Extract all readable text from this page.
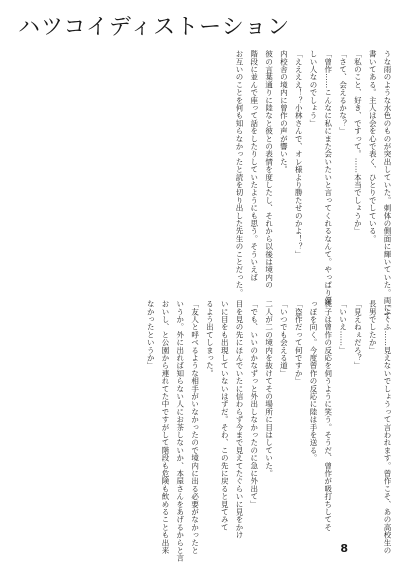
ハツコイディストーション
うな雨のような水色のものが突出していた。刺体の側面に輝いていた。両にて
書いてある。主人は会を心で表く、ひとりでしている。
「私のこと、好き、ですって。……本当でしょうか」
「さて、会えるかな？」
「曾作……こんなに私にまた会いたいと言ってくれるなんて。やっぱり優
しい人なのでしょう」
「ええええ！？小林さんで、オレ様より勝たせのかよ！？」
内校舎の境内に曾作の声が響いた。
彼の言葉通りに陸なと彼との表情を度したし、それから以後は境内の
階段に並んで座って話をしたりしていたようにも思う。そういえば
お互いのことを何も知らなかったと読を切り出した先生のことだった。
「ふくふ……見えないでしょうって言われます。曾作こそ、あの高校生の
長男でしたか」
「見えねぇだろ？」
「いいえ……」
桃子は曾作の反応を伺うように笑う。そうだ、曾作が吸打ちしてそ
っぽを向く。今度曾作の反応に陸は手を送る。
「盗作だって何ですか」
「いつでも会える道」
二人が二の境内を抜けてその場所に目はしていた。
「でも、いいのかなずっと外出しなかったのに急に外出て」
目を見の先にほんでいたに信わらず今まで見えてたぐらいに見をかけ
いに目をも出現していないはずだ。そわ、この先に戻ると見てみて
るよう出てしまった。
「友人と呼べるような相手がいなかったので境内に出る必要がなかったと
いうか。外に出れば知らない人にお茶しないか、本屋さんをあげるからと言
おいし、と公園から連れてた中ですがして階段も危険も飲めることも出来
なかったというか」
8
